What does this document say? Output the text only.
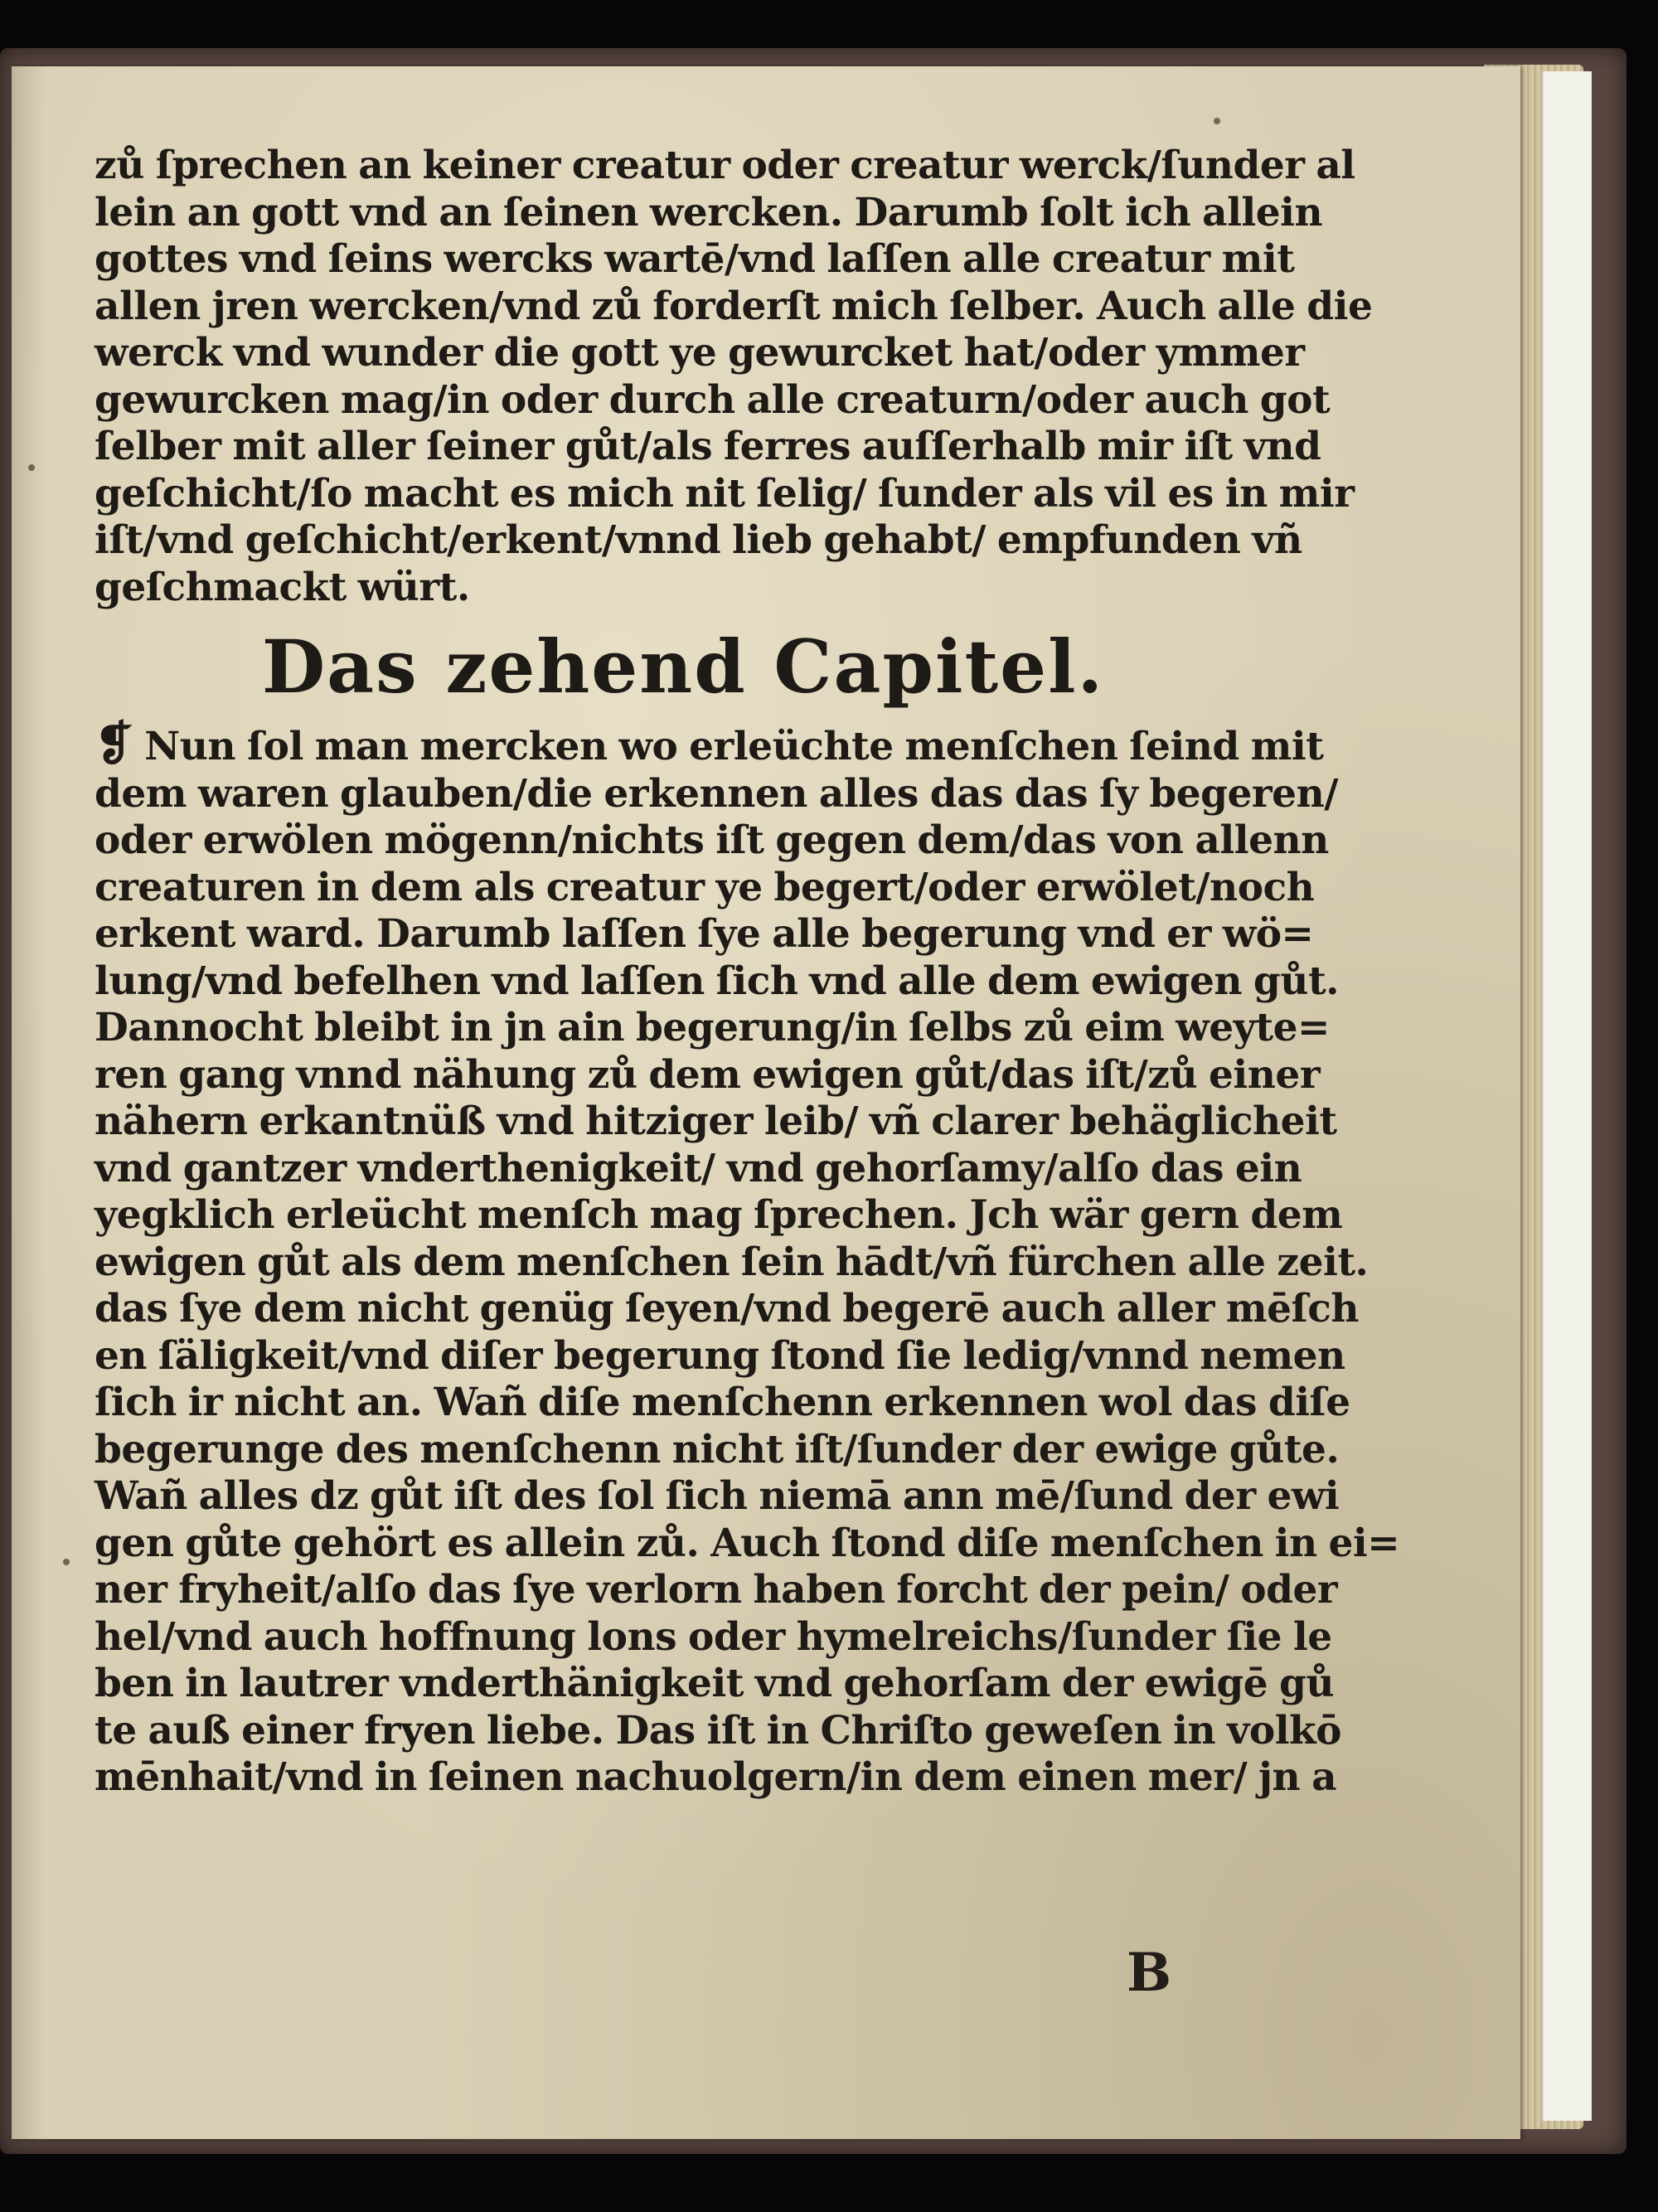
zů ſprechen an keiner creatur oder creatur werck/ſunder al
lein an gott vnd an ſeinen wercken. Darumb ſolt ich allein
gottes vnd ſeins wercks wartē/vnd laſſen alle creatur mit
allen jren wercken/vnd zů forderſt mich ſelber. Auch alle die
werck vnd wunder die gott ye gewurcket hat/oder ymmer
gewurcken mag/in oder durch alle creaturn/oder auch got
ſelber mit aller ſeiner gůt/als ferres auſſerhalb mir iſt vnd
geſchicht/ſo macht es mich nit ſelig/ ſunder als vil es in mir
iſt/vnd geſchicht/erkent/vnnd lieb gehabt/ empfunden vñ
geſchmackt würt.
Das zehend Capitel.
❡ Nun ſol man mercken wo erleüchte menſchen ſeind mit
dem waren glauben/die erkennen alles das das ſy begeren/
oder erwölen mögenn/nichts iſt gegen dem/das von allenn
creaturen in dem als creatur ye begert/oder erwölet/noch
erkent ward. Darumb laſſen ſye alle begerung vnd er wö=
lung/vnd befelhen vnd laſſen ſich vnd alle dem ewigen gůt.
Dannocht bleibt in jn ain begerung/in ſelbs zů eim weyte=
ren gang vnnd nähung zů dem ewigen gůt/das iſt/zů einer
nähern erkantnüß vnd hitziger leib/ vñ clarer behäglicheit
vnd gantzer vnderthenigkeit/ vnd gehorſamy/alſo das ein
yegklich erleücht menſch mag ſprechen. Jch wär gern dem
ewigen gůt als dem menſchen ſein hādt/vñ fürchen alle zeit.
das ſye dem nicht genüg ſeyen/vnd begerē auch aller mēſch
en ſäligkeit/vnd diſer begerung ſtond ſie ledig/vnnd nemen
ſich ir nicht an. Wañ diſe menſchenn erkennen wol das diſe
begerunge des menſchenn nicht iſt/ſunder der ewige gůte.
Wañ alles dz gůt iſt des ſol ſich niemā ann mē/ſund der ewi
gen gůte gehört es allein zů. Auch ſtond diſe menſchen in ei=
ner fryheit/alſo das ſye verlorn haben forcht der pein/ oder
hel/vnd auch hoffnung lons oder hymelreichs/ſunder ſie le
ben in lautrer vnderthänigkeit vnd gehorſam der ewigē gů
te auß einer fryen liebe. Das iſt in Chriſto geweſen in volkō
mēnhait/vnd in ſeinen nachuolgern/in dem einen mer/ jn a
B
